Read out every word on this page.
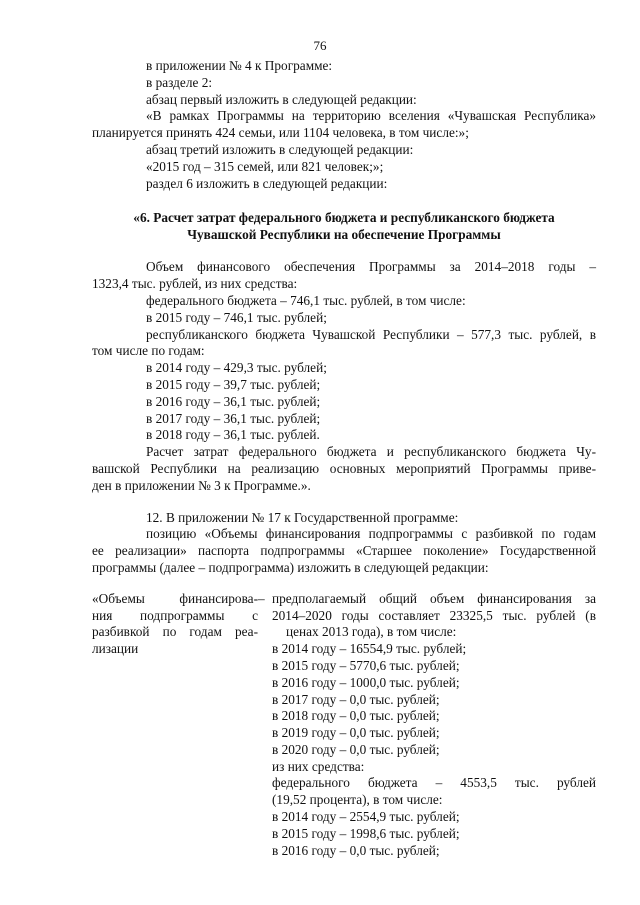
76
в приложении № 4 к Программе:
в разделе 2:
абзац первый изложить в следующей редакции:
«В рамках Программы на территорию вселения «Чувашская Республика»
планируется принять 424 семьи, или 1104 человека, в том числе:»;
абзац третий изложить в следующей редакции:
«2015 год – 315 семей, или 821 человек;»;
раздел 6 изложить в следующей редакции:
«6. Расчет затрат федерального бюджета и республиканского бюджета
Чувашской Республики на обеспечение Программы
Объем финансового обеспечения Программы за 2014–2018 годы –
1323,4 тыс. рублей, из них средства:
федерального бюджета – 746,1 тыс. рублей, в том числе:
в 2015 году – 746,1 тыс. рублей;
республиканского бюджета Чувашской Республики – 577,3 тыс. рублей, в
том числе по годам:
в 2014 году – 429,3 тыс. рублей;
в 2015 году – 39,7 тыс. рублей;
в 2016 году – 36,1 тыс. рублей;
в 2017 году – 36,1 тыс. рублей;
в 2018 году – 36,1 тыс. рублей.
Расчет затрат федерального бюджета и республиканского бюджета Чу-
вашской Республики на реализацию основных мероприятий Программы приве-
ден в приложении № 3 к Программе.».
12. В приложении № 17 к Государственной программе:
позицию «Объемы финансирования подпрограммы с разбивкой по годам
ее реализации» паспорта подпрограммы «Старшее поколение» Государственной
программы (далее – подпрограмма) изложить в следующей редакции:
«Объемы финансирова-
ния подпрограммы с
разбивкой по годам реа-
лизации
– предполагаемый общий объем финансирования за
2014–2020 годы составляет 23325,5 тыс. рублей (в
ценах 2013 года), в том числе:
в 2014 году – 16554,9 тыс. рублей;
в 2015 году – 5770,6 тыс. рублей;
в 2016 году – 1000,0 тыс. рублей;
в 2017 году – 0,0 тыс. рублей;
в 2018 году – 0,0 тыс. рублей;
в 2019 году – 0,0 тыс. рублей;
в 2020 году – 0,0 тыс. рублей;
из них средства:
федерального бюджета – 4553,5 тыс. рублей
(19,52 процента), в том числе:
в 2014 году – 2554,9 тыс. рублей;
в 2015 году – 1998,6 тыс. рублей;
в 2016 году – 0,0 тыс. рублей;
